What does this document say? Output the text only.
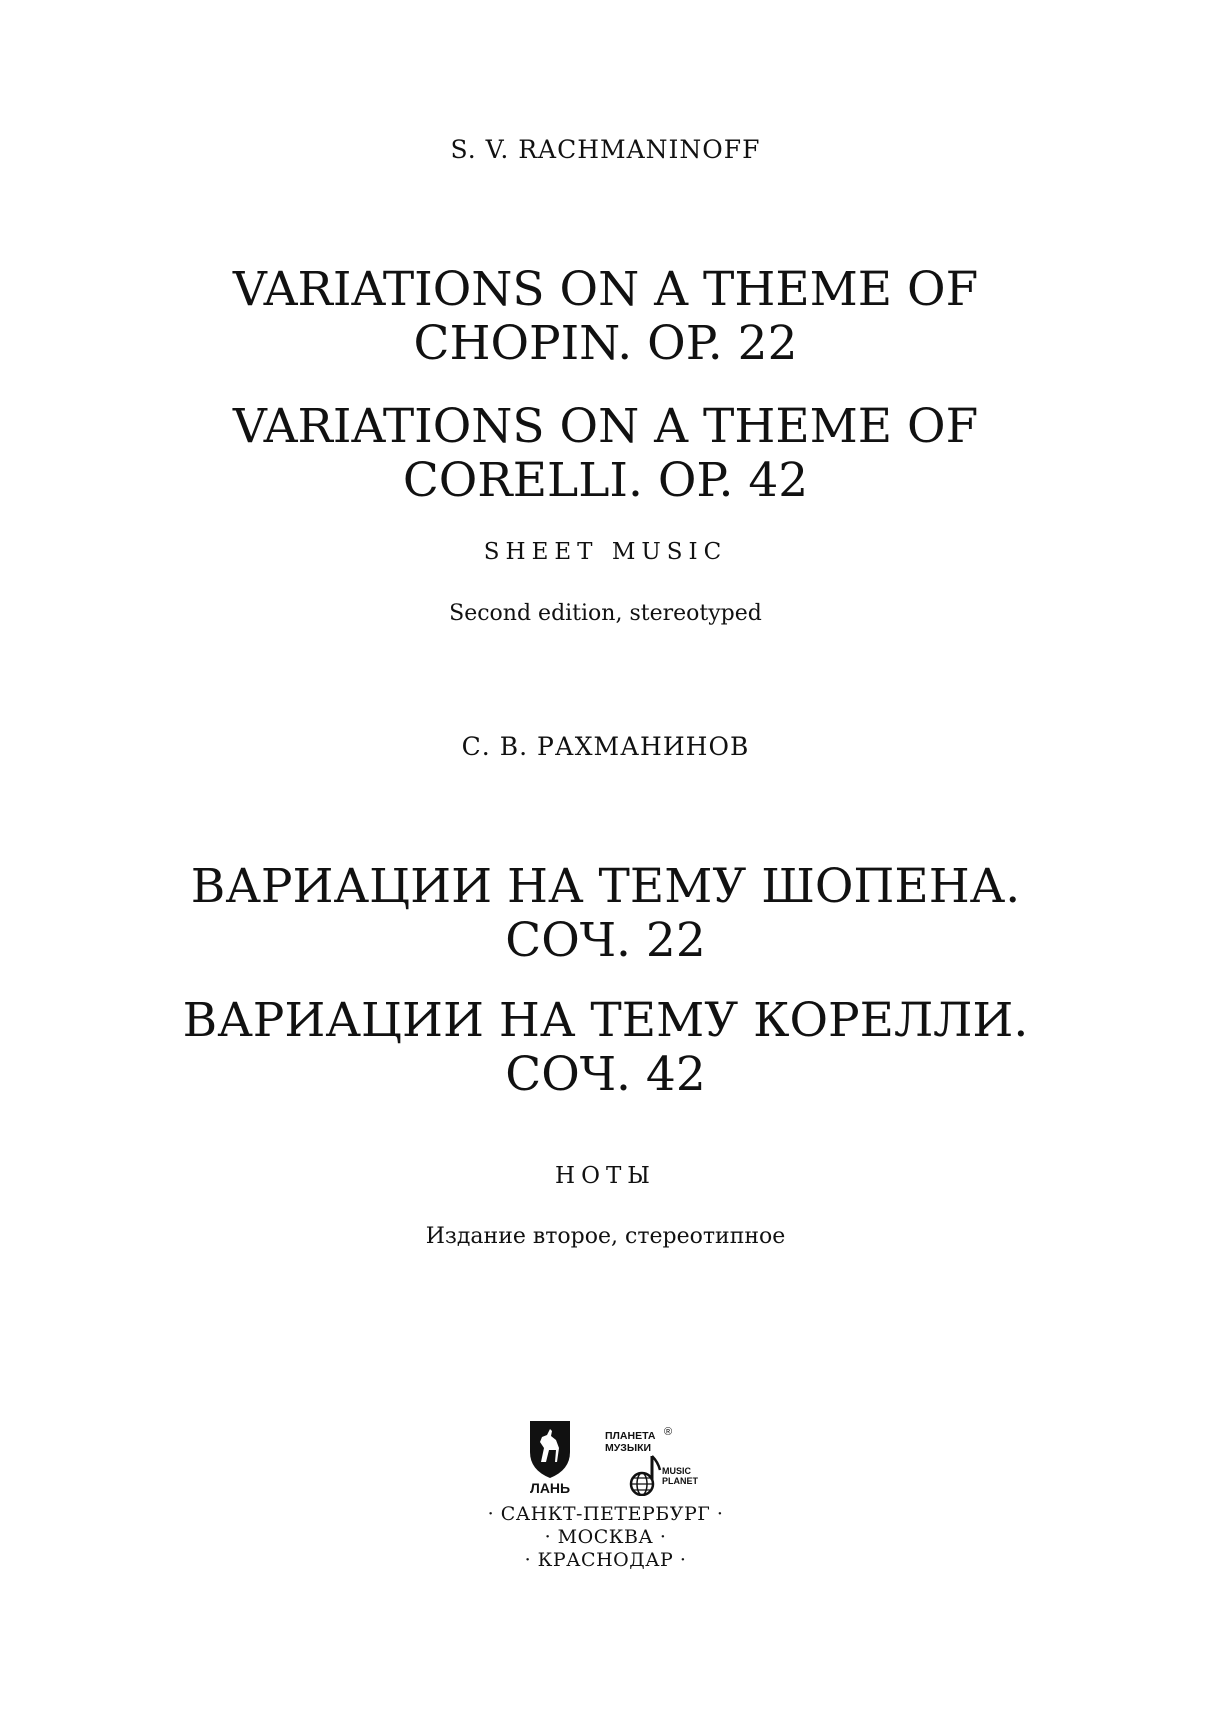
S. V. RACHMANINOFF
VARIATIONS ON A THEME OF
CHOPIN. OP. 22
VARIATIONS ON A THEME OF
CORELLI. OP. 42
SHEET MUSIC
Second edition, stereotyped
С. В. РАХМАНИНОВ
ВАРИАЦИИ НА ТЕМУ ШОПЕНА.
СОЧ. 22
ВАРИАЦИИ НА ТЕМУ КОРЕЛЛИ.
СОЧ. 42
НОТЫ
Издание второе, стереотипное
ЛАНЬ
ПЛАНЕТА
МУЗЫКИ
®
MUSIC
PLANET
· САНКТ-ПЕТЕРБУРГ ·
· МОСКВА ·
· КРАСНОДАР ·
